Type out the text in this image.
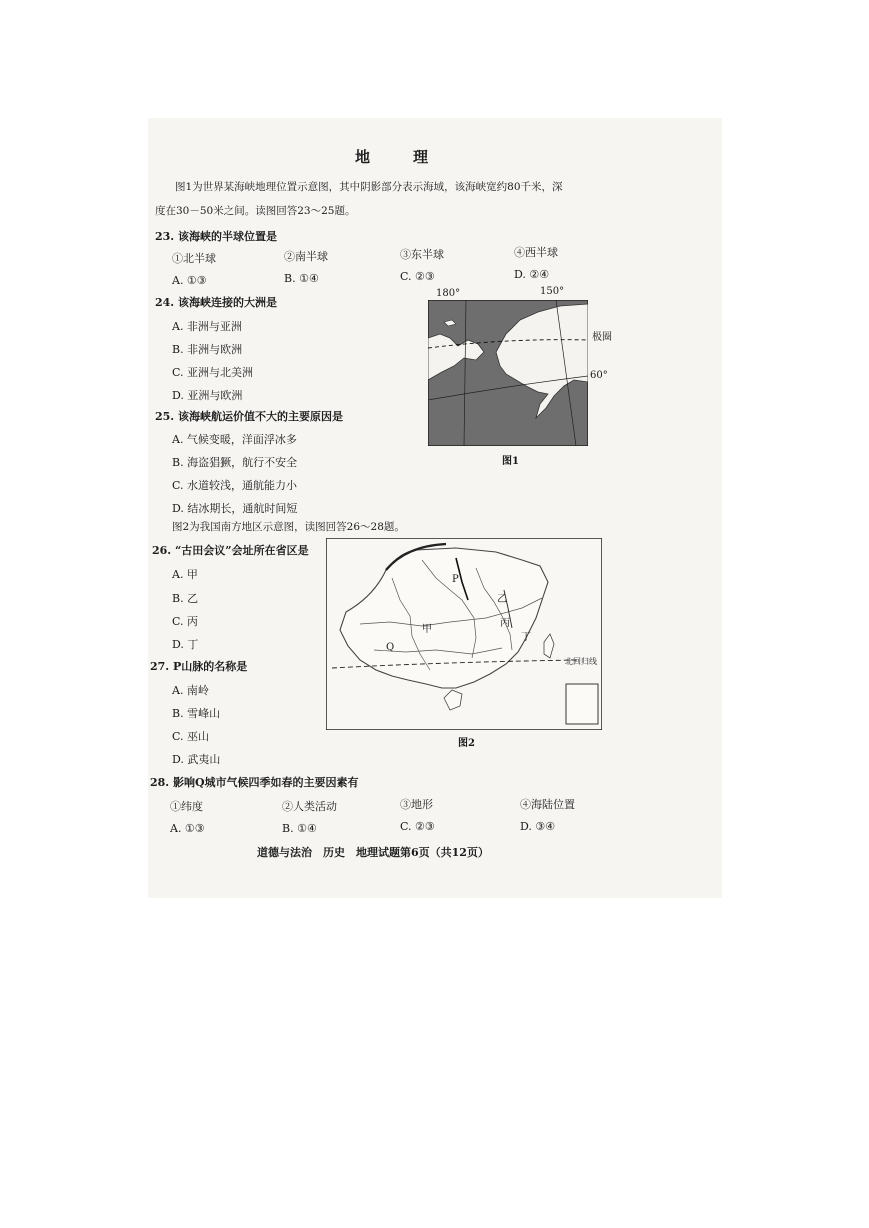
地　理
图1为世界某海峡地理位置示意图，其中阴影部分表示海域，该海峡宽约80千米，深
度在30－50米之间。读图回答23～25题。
23. 该海峡的半球位置是
①北半球	②南半球	③东半球	④西半球
A. ①③	B. ①④	C. ②③	D. ②④
24. 该海峡连接的大洲是
A. 非洲与亚洲
B. 非洲与欧洲
C. 亚洲与北美洲
D. 亚洲与欧洲
25. 该海峡航运价值不大的主要原因是
A. 气候变暖，洋面浮冰多
B. 海盗猖獗，航行不安全
C. 水道较浅，通航能力小
D. 结冰期长，通航时间短
180°	150°
极圈
60°
图1
图2为我国南方地区示意图，读图回答26～28题。
26. “古田会议”会址所在省区是
A. 甲
B. 乙
C. 丙
D. 丁
27. P山脉的名称是
A. 南岭
B. 雪峰山
C. 巫山
D. 武夷山
P
Q
甲
乙
丙
丁
北回归线
图2
28. 影响Q城市气候四季如春的主要因素有
①纬度	②人类活动	③地形	④海陆位置
A. ①③	B. ①④	C. ②③	D. ③④
道德与法治　历史　地理试题第6页（共12页）
